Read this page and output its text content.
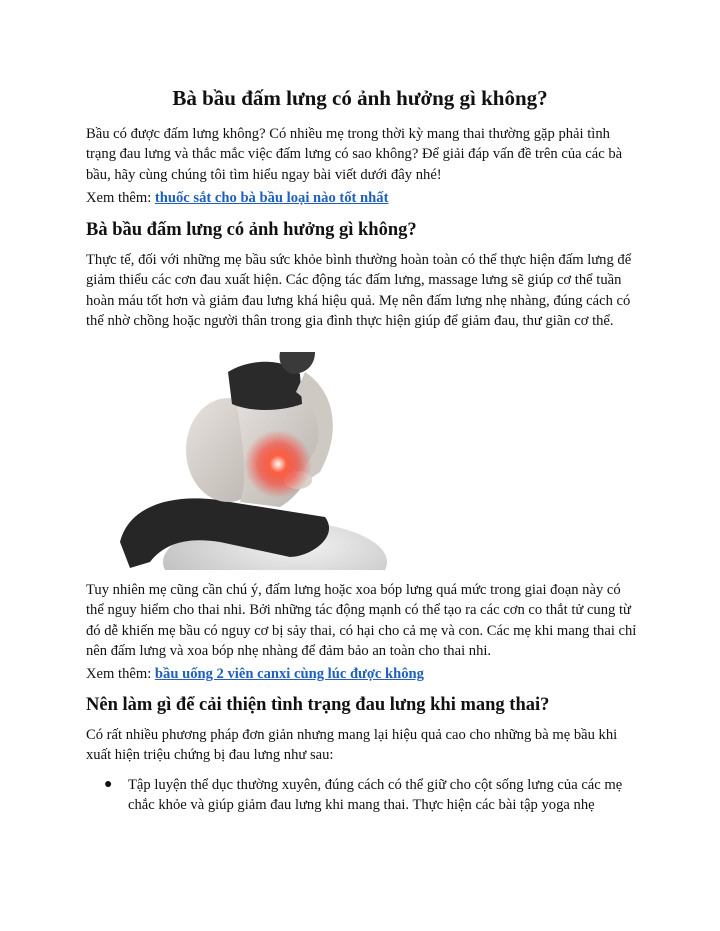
Bà bầu đấm lưng có ảnh hưởng gì không?

Bầu có được đấm lưng không? Có nhiều mẹ trong thời kỳ mang thai thường gặp phải tình trạng đau lưng và thắc mắc việc đấm lưng có sao không? Để giải đáp vấn đề trên của các bà bầu, hãy cùng chúng tôi tìm hiểu ngay bài viết dưới đây nhé!

Xem thêm: thuốc sắt cho bà bầu loại nào tốt nhất

Bà bầu đấm lưng có ảnh hưởng gì không?

Thực tế, đối với những mẹ bầu sức khỏe bình thường hoàn toàn có thể thực hiện đấm lưng để giảm thiểu các cơn đau xuất hiện. Các động tác đấm lưng, massage lưng sẽ giúp cơ thể tuần hoàn máu tốt hơn và giảm đau lưng khá hiệu quả. Mẹ nên đấm lưng nhẹ nhàng, đúng cách có thể nhờ chồng hoặc người thân trong gia đình thực hiện giúp để giảm đau, thư giãn cơ thể.

Tuy nhiên mẹ cũng cần chú ý, đấm lưng hoặc xoa bóp lưng quá mức trong giai đoạn này có thể nguy hiểm cho thai nhi. Bởi những tác động mạnh có thể tạo ra các cơn co thắt tử cung từ đó dễ khiến mẹ bầu có nguy cơ bị sảy thai, có hại cho cả mẹ và con. Các mẹ khi mang thai chỉ nên đấm lưng và xoa bóp nhẹ nhàng để đảm bảo an toàn cho thai nhi.

Xem thêm: bầu uống 2 viên canxi cùng lúc được không

Nên làm gì để cải thiện tình trạng đau lưng khi mang thai?

Có rất nhiều phương pháp đơn giản nhưng mang lại hiệu quả cao cho những bà mẹ bầu khi xuất hiện triệu chứng bị đau lưng như sau:

● Tập luyện thể dục thường xuyên, đúng cách có thể giữ cho cột sống lưng của các mẹ chắc khỏe và giúp giảm đau lưng khi mang thai. Thực hiện các bài tập yoga nhẹ
